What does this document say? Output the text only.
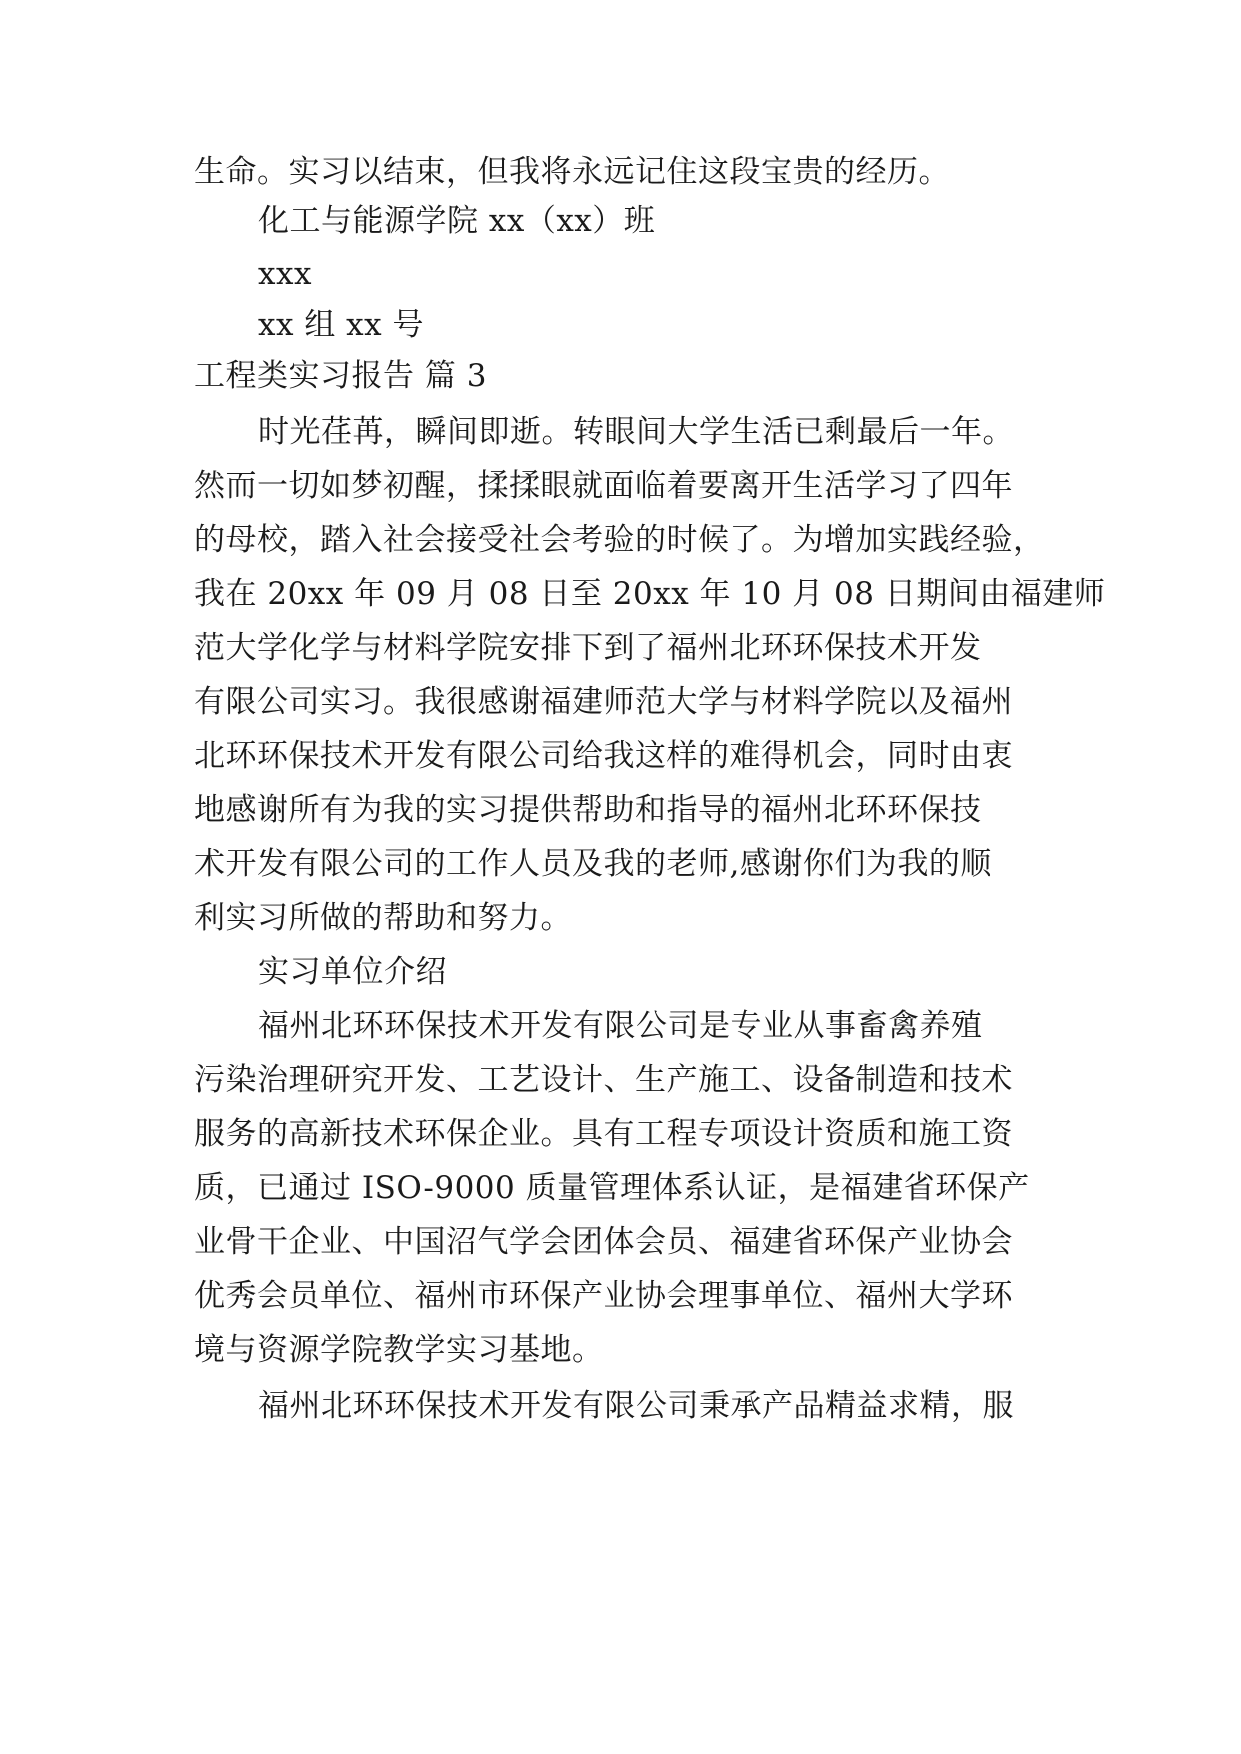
生命。实习以结束，但我将永远记住这段宝贵的经历。
化工与能源学院 xx（xx）班
xxx
xx 组 xx 号
工程类实习报告 篇 3
时光荏苒，瞬间即逝。转眼间大学生活已剩最后一年。
然而一切如梦初醒，揉揉眼就面临着要离开生活学习了四年
的母校，踏入社会接受社会考验的时候了。为增加实践经验，
我在 20xx 年 09 月 08 日至 20xx 年 10 月 08 日期间由福建师
范大学化学与材料学院安排下到了福州北环环保技术开发
有限公司实习。我很感谢福建师范大学与材料学院以及福州
北环环保技术开发有限公司给我这样的难得机会，同时由衷
地感谢所有为我的实习提供帮助和指导的福州北环环保技
术开发有限公司的工作人员及我的老师,感谢你们为我的顺
利实习所做的帮助和努力。
实习单位介绍
福州北环环保技术开发有限公司是专业从事畜禽养殖
污染治理研究开发、工艺设计、生产施工、设备制造和技术
服务的高新技术环保企业。具有工程专项设计资质和施工资
质，已通过 ISO-9000 质量管理体系认证，是福建省环保产
业骨干企业、中国沼气学会团体会员、福建省环保产业协会
优秀会员单位、福州市环保产业协会理事单位、福州大学环
境与资源学院教学实习基地。
福州北环环保技术开发有限公司秉承产品精益求精，服
